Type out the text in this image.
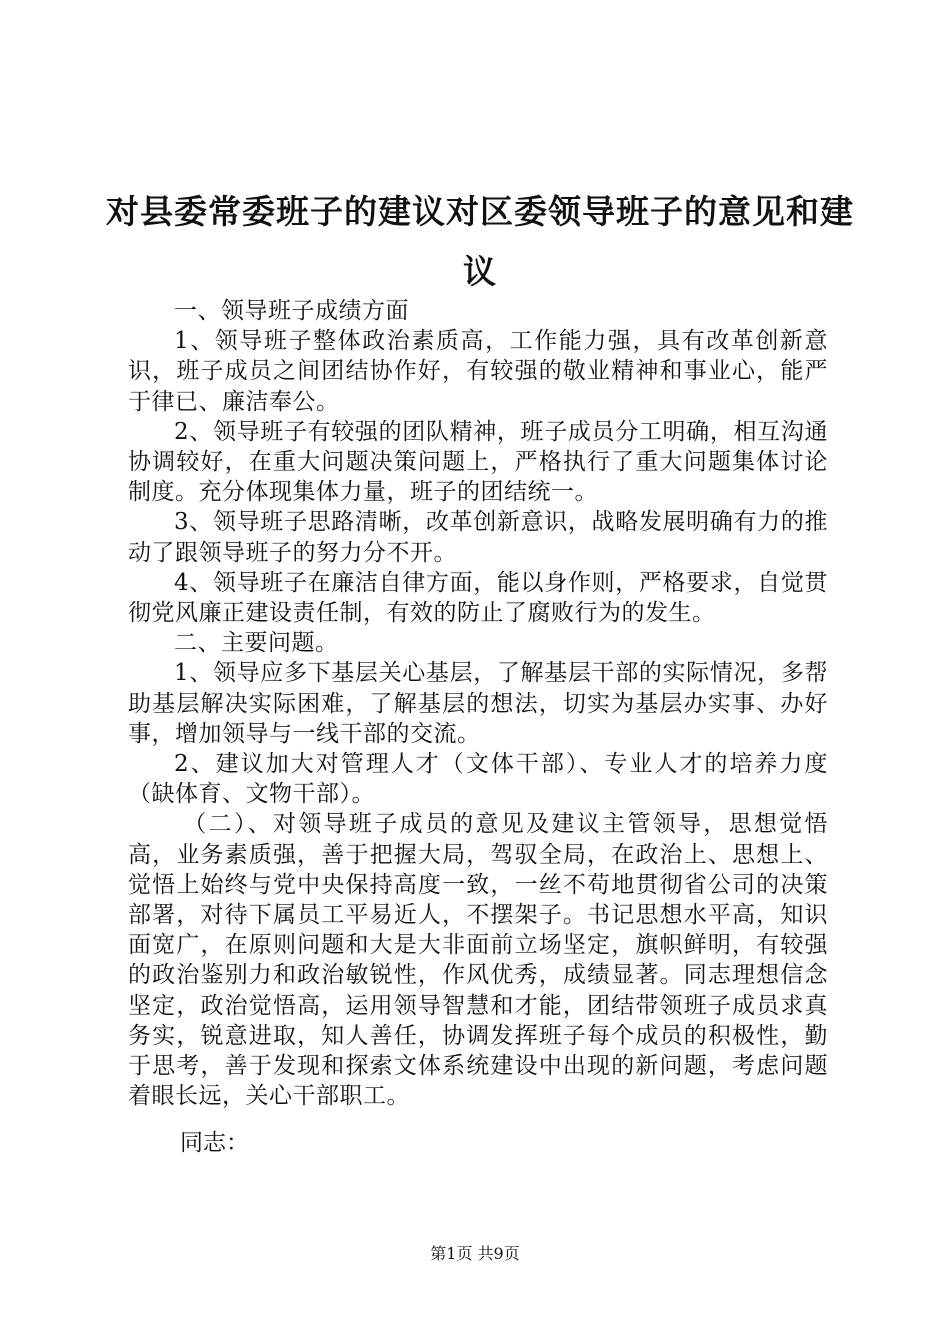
对县委常委班子的建议对区委领导班子的意见和建议

一、领导班子成绩方面

1、领导班子整体政治素质高，工作能力强，具有改革创新意识，班子成员之间团结协作好，有较强的敬业精神和事业心，能严于律已、廉洁奉公。

2、领导班子有较强的团队精神，班子成员分工明确，相互沟通协调较好，在重大问题决策问题上，严格执行了重大问题集体讨论制度。充分体现集体力量，班子的团结统一。

3、领导班子思路清晰，改革创新意识，战略发展明确有力的推动了跟领导班子的努力分不开。

4、领导班子在廉洁自律方面，能以身作则，严格要求，自觉贯彻党风廉正建设责任制，有效的防止了腐败行为的发生。

二、主要问题。

1、领导应多下基层关心基层，了解基层干部的实际情况，多帮助基层解决实际困难，了解基层的想法，切实为基层办实事、办好事，增加领导与一线干部的交流。

2、建议加大对管理人才（文体干部）、专业人才的培养力度（缺体育、文物干部）。

（二）、对领导班子成员的意见及建议主管领导，思想觉悟高，业务素质强，善于把握大局，驾驭全局，在政治上、思想上、觉悟上始终与党中央保持高度一致，一丝不苟地贯彻省公司的决策部署，对待下属员工平易近人，不摆架子。书记思想水平高，知识面宽广，在原则问题和大是大非面前立场坚定，旗帜鲜明，有较强的政治鉴别力和政治敏锐性，作风优秀，成绩显著。同志理想信念坚定，政治觉悟高，运用领导智慧和才能，团结带领班子成员求真务实，锐意进取，知人善任，协调发挥班子每个成员的积极性，勤于思考，善于发现和探索文体系统建设中出现的新问题，考虑问题着眼长远，关心干部职工。

同志：

第1页 共9页
